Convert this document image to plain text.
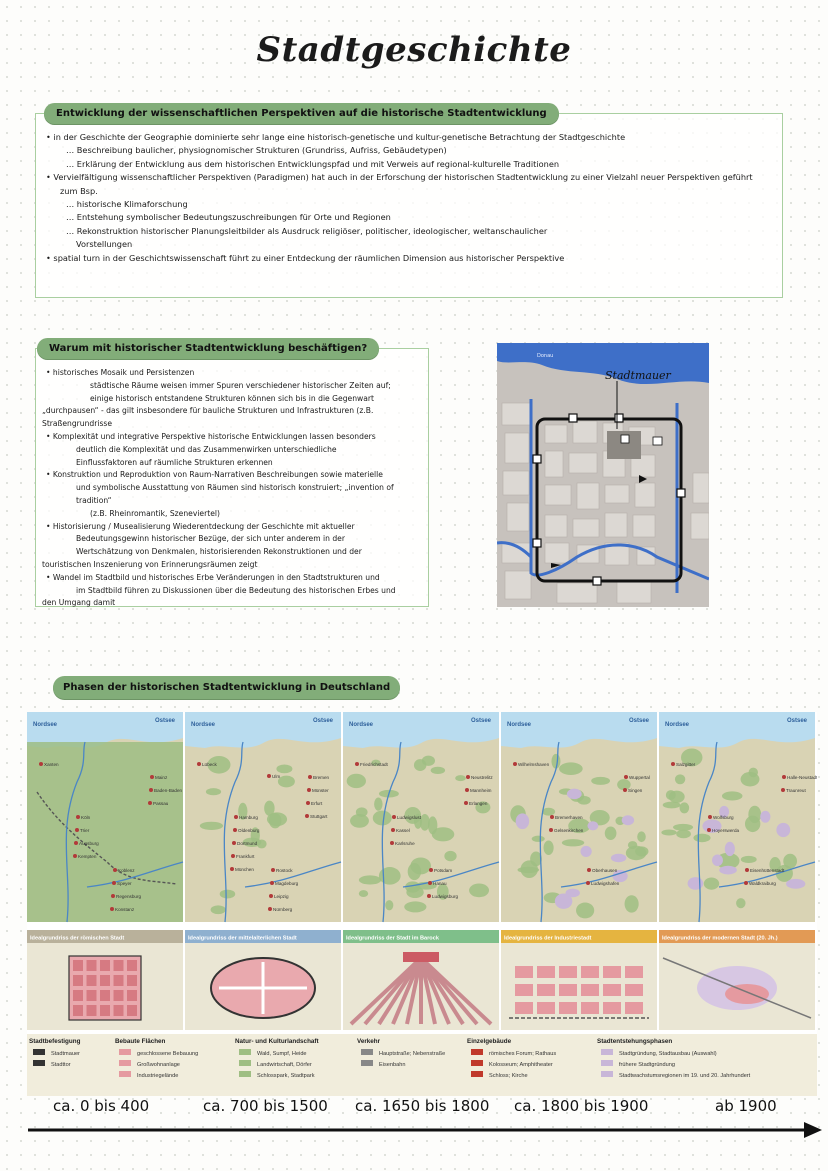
Stadtgeschichte
Entwicklung der wissenschaftlichen Perspektiven auf die historische Stadtentwicklung

• in der Geschichte der Geographie dominierte sehr lange eine historisch-genetische und kultur-genetische Betrachtung der Stadtgeschichte

… Beschreibung baulicher, physiognomischer Strukturen (Grundriss, Aufriss, Gebäudetypen)

… Erklärung der Entwicklung aus dem historischen Entwicklungspfad und mit Verweis auf regional-kulturelle Traditionen

• Vervielfältigung wissenschaftlicher Perspektiven (Paradigmen) hat auch in der Erforschung der historischen Stadtentwicklung zu einer Vielzahl neuer Perspektiven geführt

zum Bsp.

… historische Klimaforschung

… Entstehung symbolischer Bedeutungszuschreibungen für Orte und Regionen

… Rekonstruktion historischer Planungsleitbilder als Ausdruck religiöser, politischer, ideologischer, weltanschaulicher

Vorstellungen

• spatial turn in der Geschichtswissenschaft führt zu einer Entdeckung der räumlichen Dimension aus historischer Perspektive

Warum mit historischer Stadtentwicklung beschäftigen?

• historisches Mosaik und Persistenzen

städtische Räume weisen immer Spuren verschiedener historischer Zeiten auf;

einige historisch entstandene Strukturen können sich bis in die Gegenwart

„durchpausen“ - das gilt insbesondere für bauliche Strukturen und Infrastrukturen (z.B.

Straßengrundrisse

• Komplexität und integrative Perspektive historische Entwicklungen lassen besonders

deutlich die Komplexität und das Zusammenwirken unterschiedliche

Einflussfaktoren auf räumliche Strukturen erkennen

• Konstruktion und Reproduktion von Raum-Narrativen Beschreibungen sowie materielle

und symbolische Ausstattung von Räumen sind historisch konstruiert; „invention of

tradition“

(z.B. Rheinromantik, Szeneviertel)

• Historisierung / Musealisierung Wiederentdeckung der Geschichte mit aktueller

Bedeutungsgewinn historischer Bezüge, der sich unter anderem in der

Wertschätzung von Denkmalen, historisierenden Rekonstruktionen und der

touristischen Inszenierung von Erinnerungsräumen zeigt

• Wandel im Stadtbild und historisches Erbe Veränderungen in den Stadtstrukturen und

im Stadtbild führen zu Diskussionen über die Bedeutung des historischen Erbes und

den Umgang damit

Donau
Stadtmauer
Phasen der historischen Stadtentwicklung in Deutschland
Nordsee
Ostsee
Xanten
Köln
Koblenz
Mainz
Trier
Speyer
Baden-Baden
Augsburg
Regensburg
Passau
Kempten
Konstanz
Idealgrundriss der römischen Stadt
Nordsee
Ostsee
Lübeck
Hamburg
Rostock
Bremen
Oldenburg
Magdeburg
Münster
Dortmund
Leipzig
Erfurt
Frankfurt
Nürnberg
Stuttgart
München
Ulm
Idealgrundriss der mittelalterlichen Stadt
Nordsee
Ostsee
Friedrichstadt
Ludwigslust
Potsdam
Neustrelitz
Kassel
Hanau
Mannheim
Karlsruhe
Ludwigsburg
Erlangen
Idealgrundriss der Stadt im Barock
Nordsee
Ostsee
Wilhelmshaven
Bremerhaven
Oberhausen
Wuppertal
Gelsenkirchen
Ludwigshafen
Singen
Idealgrundriss der Industriestadt
Nordsee
Ostsee
Salzgitter
Wolfsburg
Eisenhüttenstadt
Halle-Neustadt
Hoyerswerda
Waldkraiburg
Traunreut
Idealgrundriss der modernen Stadt (20. Jh.)
Stadtbefestigung
Stadtmauer
Stadttor
Bebaute Flächen
geschlossene Bebauung
Großwohnanlage
Industriegelände
Natur- und Kulturlandschaft
Wald, Sumpf, Heide
Landwirtschaft, Dörfer
Schlosspark, Stadtpark
Verkehr
Hauptstraße; Nebenstraße
Eisenbahn
Einzelgebäude
römisches Forum; Rathaus
Kolosseum; Amphitheater
Schloss; Kirche
Stadtentstehungsphasen
Stadtgründung, Stadtausbau (Auswahl)
frühere Stadtgründung
Stadtwachstumsregionen im 19. und 20. Jahrhundert
ca. 0 bis 400	ca. 700 bis 1500 ca. 1650 bis 1800 ca. 1800 bis 1900	ab 1900
